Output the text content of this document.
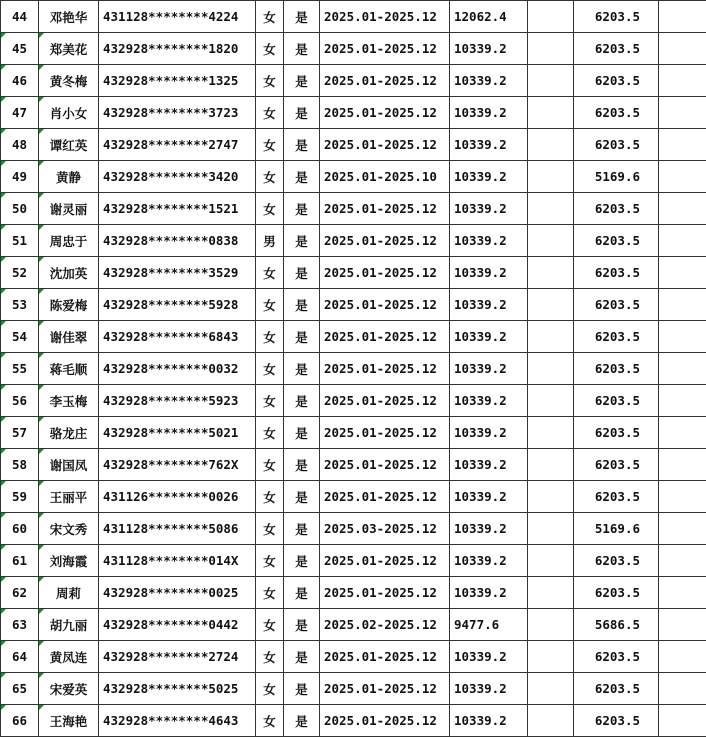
44	邓艳华	431128********4224	女	是	2025.01-2025.12	12062.4		6203.5	
45	郑美花	432928********1820	女	是	2025.01-2025.12	10339.2		6203.5	
46	黄冬梅	432928********1325	女	是	2025.01-2025.12	10339.2		6203.5	
47	肖小女	432928********3723	女	是	2025.01-2025.12	10339.2		6203.5	
48	谭红英	432928********2747	女	是	2025.01-2025.12	10339.2		6203.5	
49	黄静	432928********3420	女	是	2025.01-2025.10	10339.2		5169.6	
50	谢灵丽	432928********1521	女	是	2025.01-2025.12	10339.2		6203.5	
51	周忠于	432928********0838	男	是	2025.01-2025.12	10339.2		6203.5	
52	沈加英	432928********3529	女	是	2025.01-2025.12	10339.2		6203.5	
53	陈爱梅	432928********5928	女	是	2025.01-2025.12	10339.2		6203.5	
54	谢佳翠	432928********6843	女	是	2025.01-2025.12	10339.2		6203.5	
55	蒋毛顺	432928********0032	女	是	2025.01-2025.12	10339.2		6203.5	
56	李玉梅	432928********5923	女	是	2025.01-2025.12	10339.2		6203.5	
57	骆龙庄	432928********5021	女	是	2025.01-2025.12	10339.2		6203.5	
58	谢国凤	432928********762X	女	是	2025.01-2025.12	10339.2		6203.5	
59	王丽平	431126********0026	女	是	2025.01-2025.12	10339.2		6203.5	
60	宋文秀	431128********5086	女	是	2025.03-2025.12	10339.2		5169.6	
61	刘海霞	431128********014X	女	是	2025.01-2025.12	10339.2		6203.5	
62	周莉	432928********0025	女	是	2025.01-2025.12	10339.2		6203.5	
63	胡九丽	432928********0442	女	是	2025.02-2025.12	9477.6		5686.5	
64	黄凤连	432928********2724	女	是	2025.01-2025.12	10339.2		6203.5	
65	宋爱英	432928********5025	女	是	2025.01-2025.12	10339.2		6203.5	
66	王海艳	432928********4643	女	是	2025.01-2025.12	10339.2		6203.5	
